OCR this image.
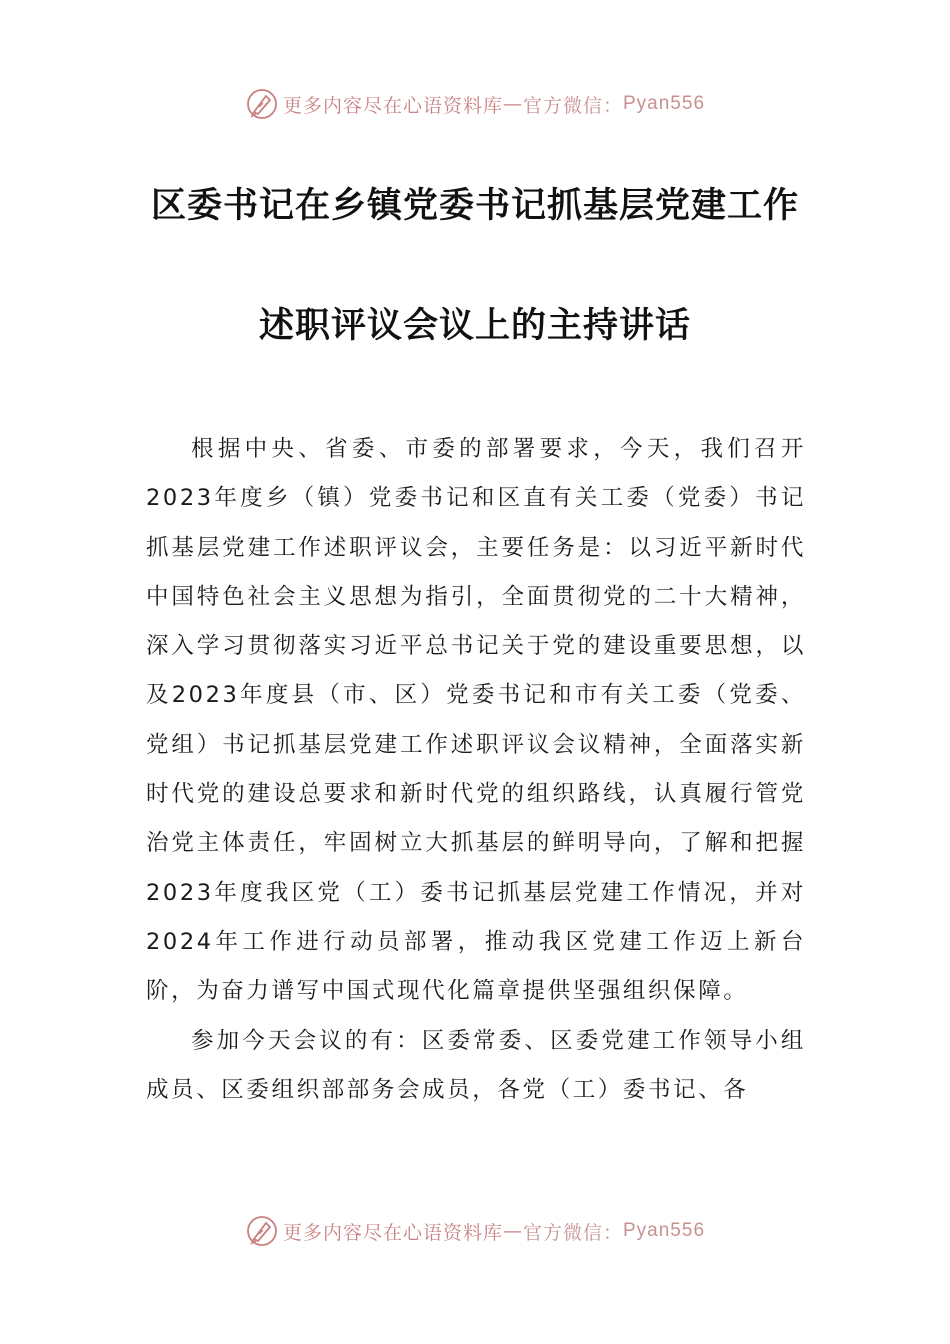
更多内容尽在心语资料库 — 官方微信： Pyan556
区委书记在乡镇党委书记抓基层党建工作
述职评议会议上的主持讲话

根据中央、省委、市委的部署要求，今天，我们召开2023年度乡（镇）党委书记和区直有关工委（党委）书记抓基层党建工作述职评议会，主要任务是：以习近平新时代中国特色社会主义思想为指引，全面贯彻党的二十大精神，深入学习贯彻落实习近平总书记关于党的建设重要思想，以及2023年度县（市、区）党委书记和市有关工委（党委、党组）书记抓基层党建工作述职评议会议精神，全面落实新时代党的建设总要求和新时代党的组织路线，认真履行管党治党主体责任，牢固树立大抓基层的鲜明导向，了解和把握2023年度我区党（工）委书记抓基层党建工作情况，并对2024年工作进行动员部署，推动我区党建工作迈上新台阶，为奋力谱写中国式现代化篇章提供坚强组织保障。

参加今天会议的有：区委常委、区委党建工作领导小组成员、区委组织部部务会成员，各党（工）委书记、各

更多内容尽在心语资料库 — 官方微信： Pyan556
